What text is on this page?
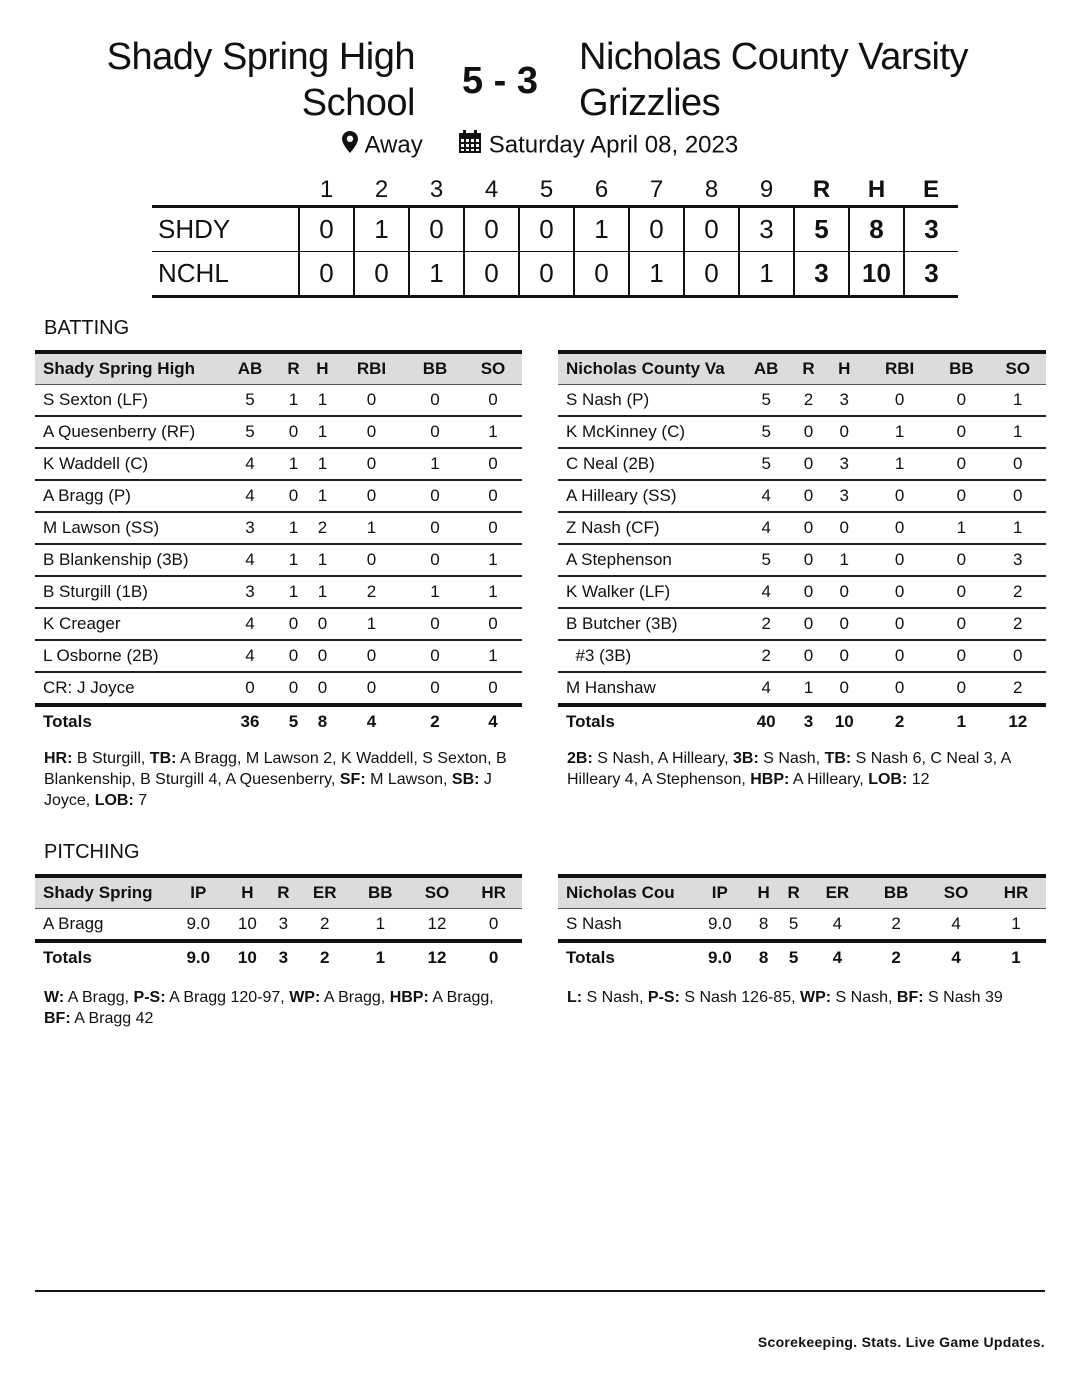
Shady Spring High School
5 - 3
Nicholas County Varsity Grizzlies
Away	Saturday April 08, 2023
	1	2	3	4	5	6	7	8	9	R	H	E
SHDY	0	1	0	0	0	1	0	0	3	5	8	3
NCHL	0	0	1	0	0	0	1	0	1	3	10	3
BATTING
Shady Spring High	AB	R	H	RBI	BB	SO
S Sexton (LF)	5	1	1	0	0	0
A Quesenberry (RF)	5	0	1	0	0	1
K Waddell (C)	4	1	1	0	1	0
A Bragg (P)	4	0	1	0	0	0
M Lawson (SS)	3	1	2	1	0	0
B Blankenship (3B)	4	1	1	0	0	1
B Sturgill (1B)	3	1	1	2	1	1
K Creager	4	0	0	1	0	0
L Osborne (2B)	4	0	0	0	0	1
CR: J Joyce	0	0	0	0	0	0
Totals	36	5	8	4	2	4
Nicholas County Va	AB	R	H	RBI	BB	SO
S Nash (P)	5	2	3	0	0	1
K McKinney (C)	5	0	0	1	0	1
C Neal (2B)	5	0	3	1	0	0
A Hilleary (SS)	4	0	3	0	0	0
Z Nash (CF)	4	0	0	0	1	1
A Stephenson	5	0	1	0	0	3
K Walker (LF)	4	0	0	0	0	2
B Butcher (3B)	2	0	0	0	0	2
#3 (3B)	2	0	0	0	0	0
M Hanshaw	4	1	0	0	0	2
Totals	40	3	10	2	1	12
HR: B Sturgill, TB: A Bragg, M Lawson 2, K Waddell, S Sexton, B Blankenship, B Sturgill 4, A Quesenberry, SF: M Lawson, SB: J Joyce, LOB: 7
2B: S Nash, A Hilleary, 3B: S Nash, TB: S Nash 6, C Neal 3, A Hilleary 4, A Stephenson, HBP: A Hilleary, LOB: 12
PITCHING
Shady Spring	IP	H	R	ER	BB	SO	HR
A Bragg	9.0	10	3	2	1	12	0
Totals	9.0	10	3	2	1	12	0
Nicholas Cou	IP	H	R	ER	BB	SO	HR
S Nash	9.0	8	5	4	2	4	1
Totals	9.0	8	5	4	2	4	1
W: A Bragg, P-S: A Bragg 120-97, WP: A Bragg, HBP: A Bragg, BF: A Bragg 42
L: S Nash, P-S: S Nash 126-85, WP: S Nash, BF: S Nash 39
Scorekeeping. Stats. Live Game Updates.
